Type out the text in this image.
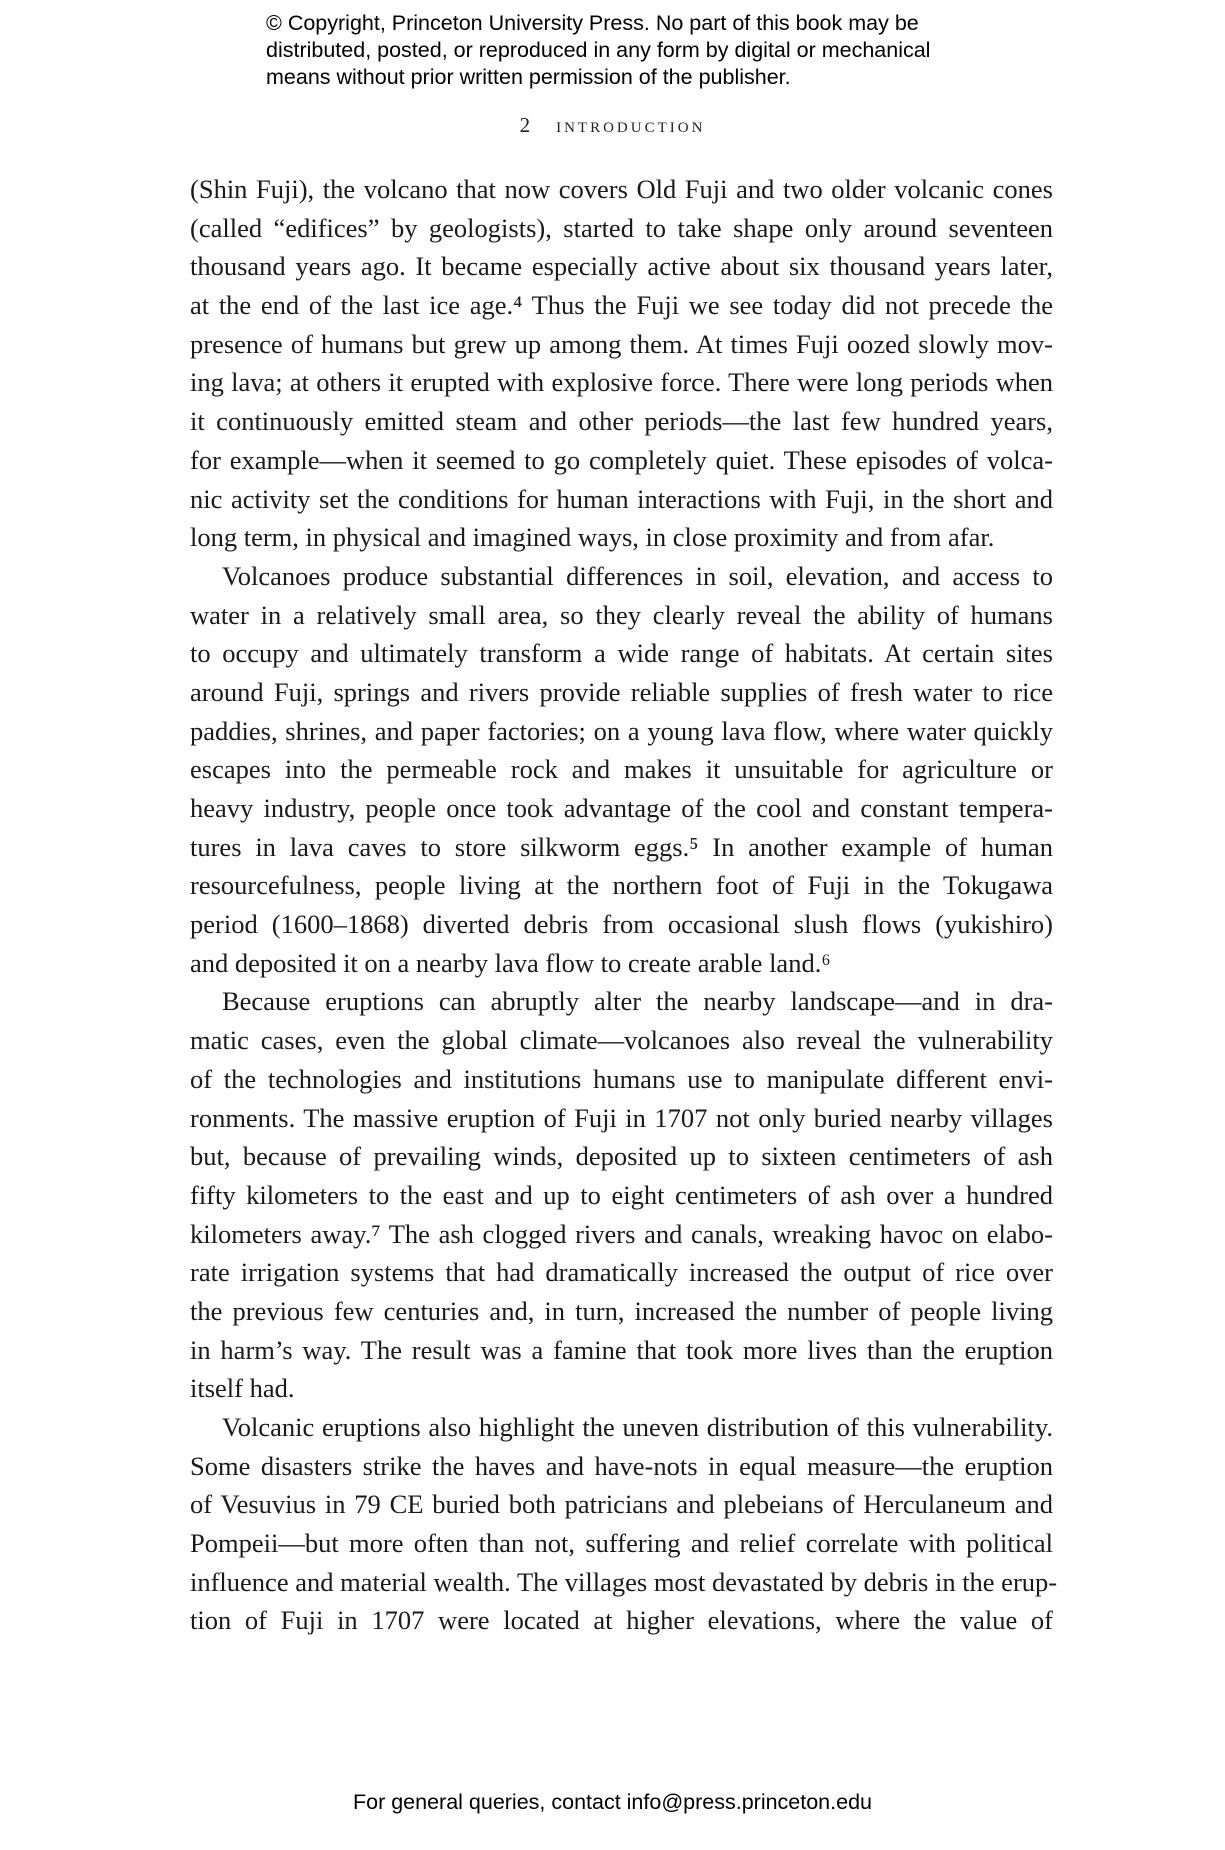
© Copyright, Princeton University Press. No part of this book may be
distributed, posted, or reproduced in any form by digital or mechanical
means without prior written permission of the publisher.
2 introduction
(Shin Fuji), the volcano that now covers Old Fuji and two older volcanic cones
(called “edifices” by geologists), started to take shape only around seventeen
thousand years ago. It became especially active about six thousand years later,
at the end of the last ice age.⁴ Thus the Fuji we see today did not precede the
presence of humans but grew up among them. At times Fuji oozed slowly mov-
ing lava; at others it erupted with explosive force. There were long periods when
it continuously emitted steam and other periods—the last few hundred years,
for example—when it seemed to go completely quiet. These episodes of volca-
nic activity set the conditions for human interactions with Fuji, in the short and
long term, in physical and imagined ways, in close proximity and from afar.
Volcanoes produce substantial differences in soil, elevation, and access to
water in a relatively small area, so they clearly reveal the ability of humans
to occupy and ultimately transform a wide range of habitats. At certain sites
around Fuji, springs and rivers provide reliable supplies of fresh water to rice
paddies, shrines, and paper factories; on a young lava flow, where water quickly
escapes into the permeable rock and makes it unsuitable for agriculture or
heavy industry, people once took advantage of the cool and constant tempera-
tures in lava caves to store silkworm eggs.⁵ In another example of human
resourcefulness, people living at the northern foot of Fuji in the Tokugawa
period (1600–1868) diverted debris from occasional slush flows (yukishiro)
and deposited it on a nearby lava flow to create arable land.⁶
Because eruptions can abruptly alter the nearby landscape—and in dra-
matic cases, even the global climate—volcanoes also reveal the vulnerability
of the technologies and institutions humans use to manipulate different envi-
ronments. The massive eruption of Fuji in 1707 not only buried nearby villages
but, because of prevailing winds, deposited up to sixteen centimeters of ash
fifty kilometers to the east and up to eight centimeters of ash over a hundred
kilometers away.⁷ The ash clogged rivers and canals, wreaking havoc on elabo-
rate irrigation systems that had dramatically increased the output of rice over
the previous few centuries and, in turn, increased the number of people living
in harm’s way. The result was a famine that took more lives than the eruption
itself had.
Volcanic eruptions also highlight the uneven distribution of this vulnerability.
Some disasters strike the haves and have-nots in equal measure—the eruption
of Vesuvius in 79 CE buried both patricians and plebeians of Herculaneum and
Pompeii—but more often than not, suffering and relief correlate with political
influence and material wealth. The villages most devastated by debris in the erup-
tion of Fuji in 1707 were located at higher elevations, where the value of
For general queries, contact info@press.princeton.edu
